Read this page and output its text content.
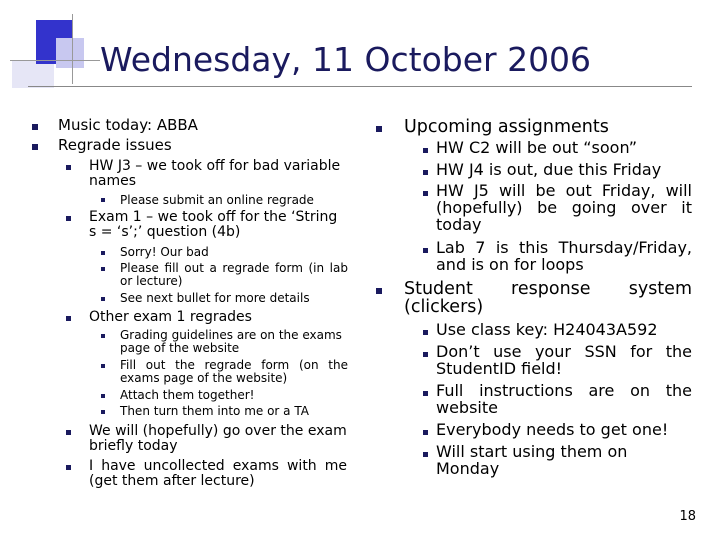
Wednesday, 11 October 2006
Music today: ABBA
Regrade issues
HW J3 – we took off for bad variable names
Please submit an online regrade
Exam 1 – we took off for the ‘String s = ‘s’;’ question (4b)
Sorry! Our bad
Please fill out a regrade form (in lab or lecture)
See next bullet for more details
Other exam 1 regrades
Grading guidelines are on the exams page of the website
Fill out the regrade form (on the exams page of the website)
Attach them together!
Then turn them into me or a TA
We will (hopefully) go over the exam briefly today
I have uncollected exams with me (get them after lecture)
Upcoming assignments
HW C2 will be out “soon”
HW J4 is out, due this Friday
HW J5 will be out Friday, will (hopefully) be going over it today
Lab 7 is this Thursday/Friday, and is on for loops
Student response system (clickers)
Use class key: H24043A592
Don’t use your SSN for the StudentID field!
Full instructions are on the website
Everybody needs to get one!
Will start using them on Monday
18
